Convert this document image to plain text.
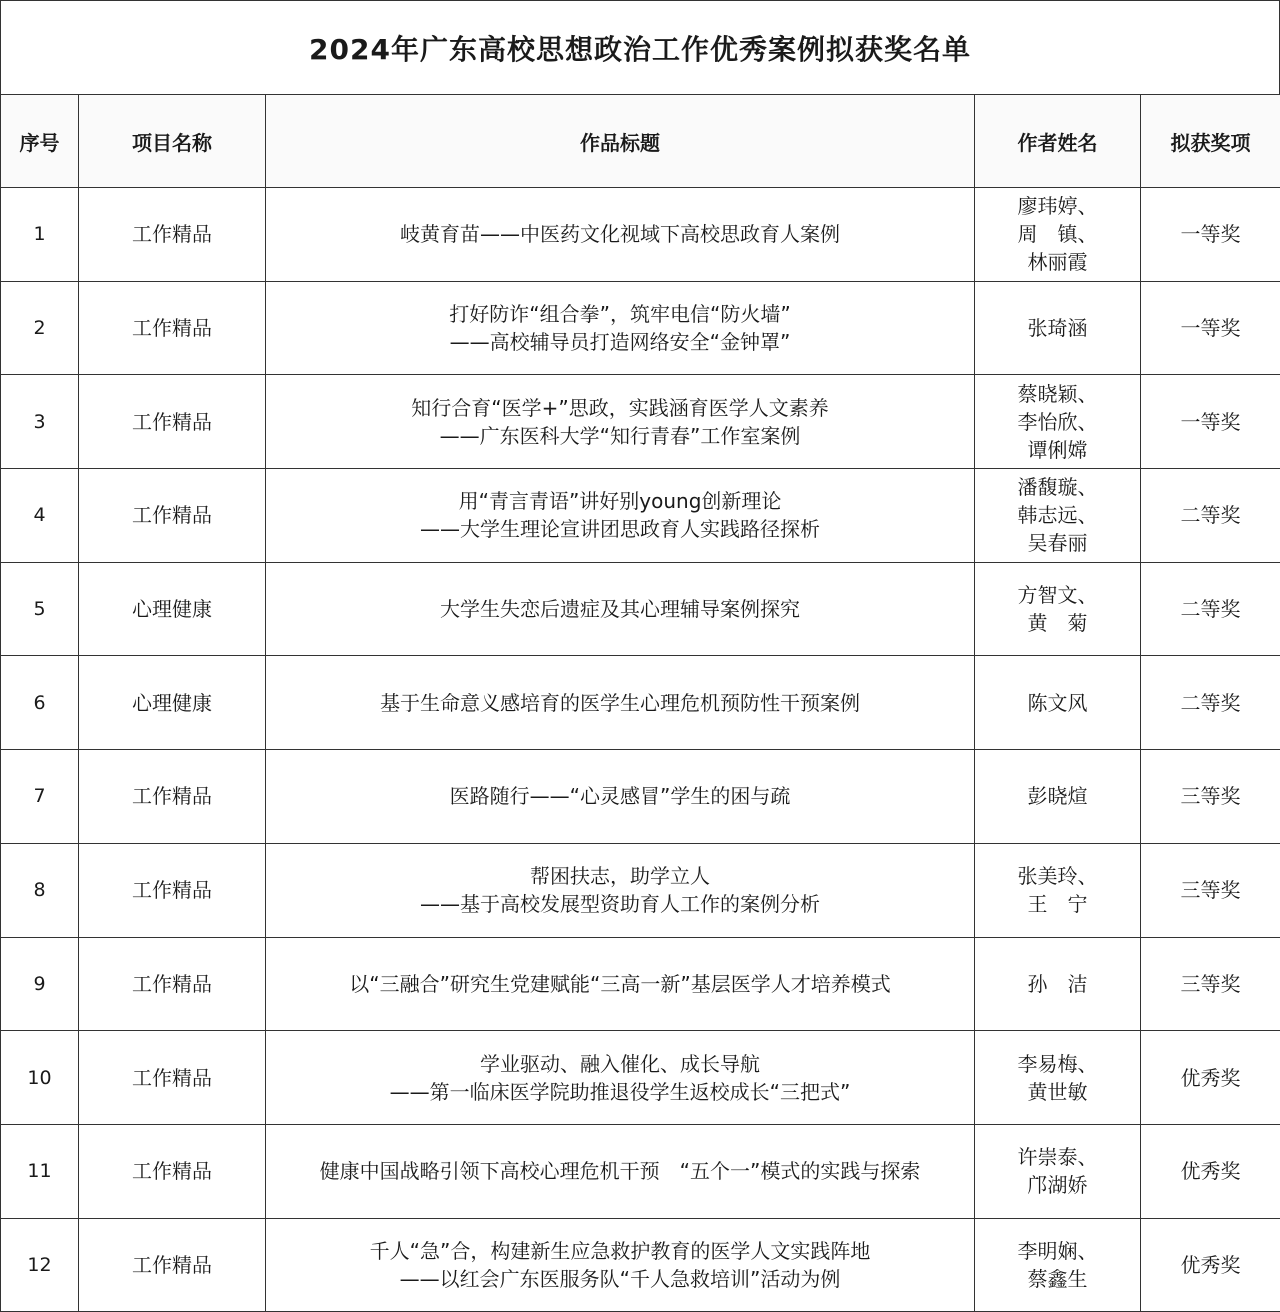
2024年广东高校思想政治工作优秀案例拟获奖名单
序号	项目名称	作品标题	作者姓名	拟获奖项
1	工作精品	岐黄育苗——中医药文化视域下高校思政育人案例	廖玮婷、
周　镇、
林丽霞	一等奖
2	工作精品	打好防诈“组合拳”，筑牢电信“防火墙”
——高校辅导员打造网络安全“金钟罩”	张琦涵	一等奖
3	工作精品	知行合育“医学+”思政，实践涵育医学人文素养
——广东医科大学“知行青春”工作室案例	蔡晓颖、
李怡欣、
谭俐嫦	一等奖
4	工作精品	用“青言青语”讲好别young创新理论
——大学生理论宣讲团思政育人实践路径探析	潘馥璇、
韩志远、
吴春丽	二等奖
5	心理健康	大学生失恋后遗症及其心理辅导案例探究	方智文、
黄　菊	二等奖
6	心理健康	基于生命意义感培育的医学生心理危机预防性干预案例	陈文风	二等奖
7	工作精品	医路随行——“心灵感冒”学生的困与疏	彭晓煊	三等奖
8	工作精品	帮困扶志，助学立人
——基于高校发展型资助育人工作的案例分析	张美玲、
王　宁	三等奖
9	工作精品	以“三融合”研究生党建赋能“三高一新”基层医学人才培养模式	孙　洁	三等奖
10	工作精品	学业驱动、融入催化、成长导航
——第一临床医学院助推退役学生返校成长“三把式”	李易梅、
黄世敏	优秀奖
11	工作精品	健康中国战略引领下高校心理危机干预　“五个一”模式的实践与探索	许崇泰、
邝湖娇	优秀奖
12	工作精品	千人“急”合，构建新生应急救护教育的医学人文实践阵地
——以红会广东医服务队“千人急救培训”活动为例	李明娴、
蔡鑫生	优秀奖
